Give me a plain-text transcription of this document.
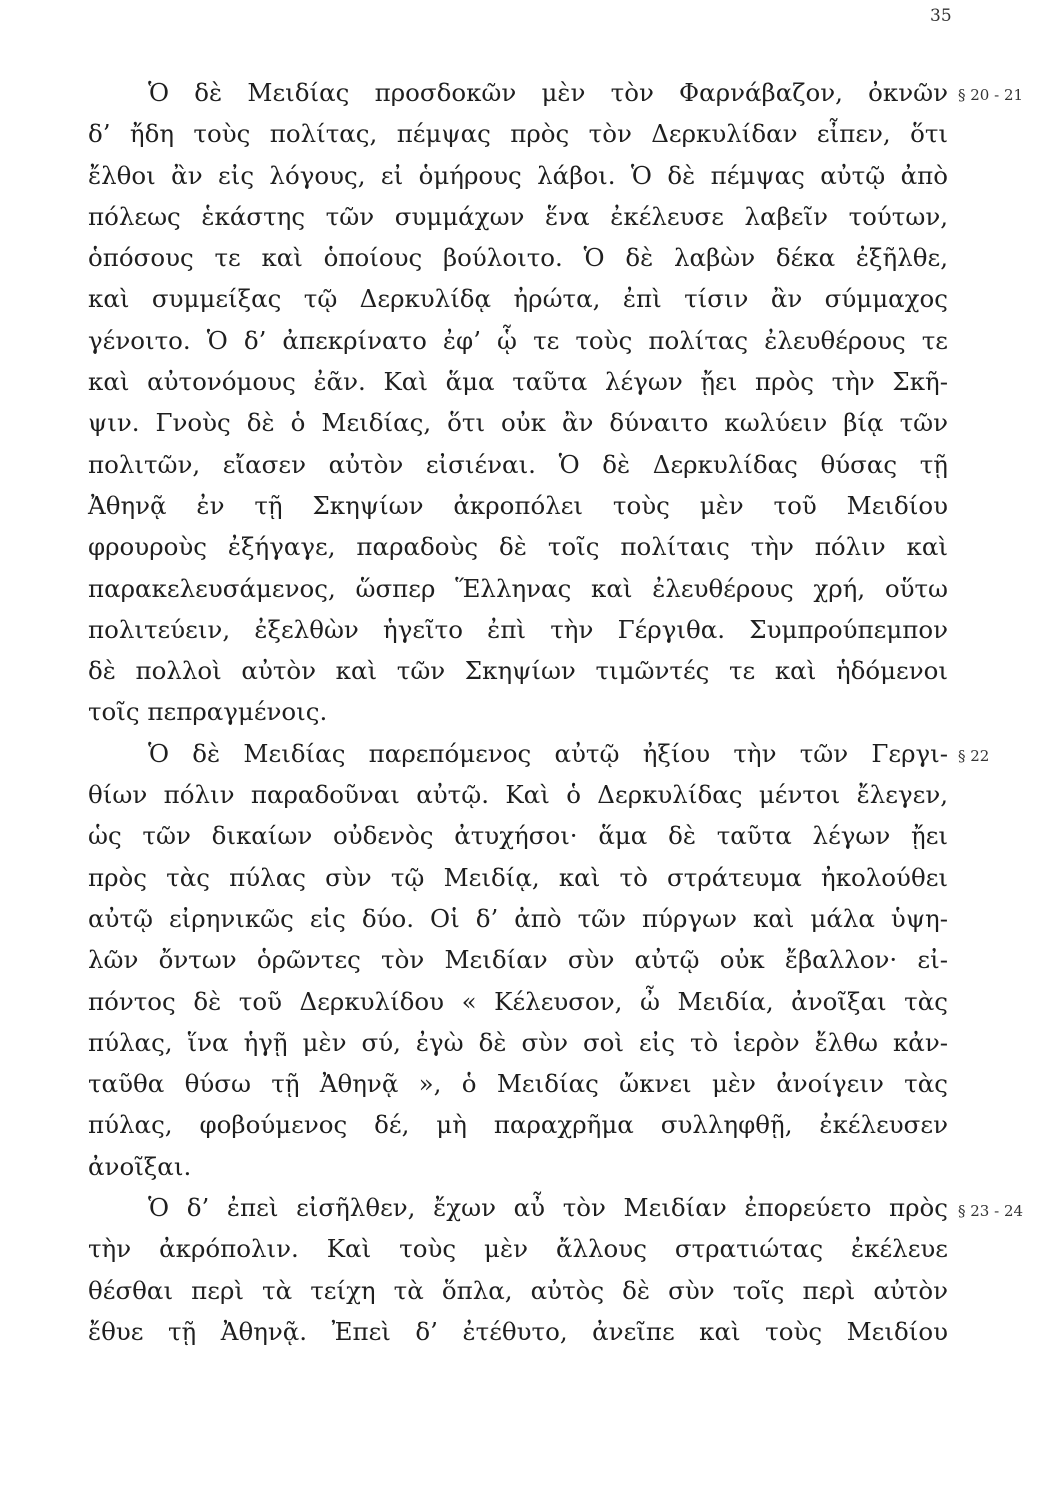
35
§ 20 - 21
§ 22
§ 23 - 24
Ὁ δὲ Μειδίας προσδοκῶν μὲν τὸν Φαρνάβαζον, ὀκνῶν
δ’ ἤδη τοὺς πολίτας, πέμψας πρὸς τὸν Δερκυλίδαν εἶπεν, ὅτι
ἔλθοι ἂν εἰς λόγους, εἰ ὁμήρους λάβοι. Ὁ δὲ πέμψας αὐτῷ ἀπὸ
πόλεως ἑκάστης τῶν συμμάχων ἕνα ἐκέλευσε λαβεῖν τούτων,
ὁπόσους τε καὶ ὁποίους βούλοιτο. Ὁ δὲ λαβὼν δέκα ἐξῆλθε,
καὶ συμμείξας τῷ Δερκυλίδᾳ ἠρώτα, ἐπὶ τίσιν ἂν σύμμαχος
γένοιτο. Ὁ δ’ ἀπεκρίνατο ἐφ’ ᾧ τε τοὺς πολίτας ἐλευθέρους τε
καὶ αὐτονόμους ἐᾶν. Καὶ ἅμα ταῦτα λέγων ᾔει πρὸς τὴν Σκῆ-
ψιν. Γνοὺς δὲ ὁ Μειδίας, ὅτι οὐκ ἂν δύναιτο κωλύειν βίᾳ τῶν
πολιτῶν, εἴασεν αὐτὸν εἰσιέναι. Ὁ δὲ Δερκυλίδας θύσας τῇ
Ἀθηνᾷ ἐν τῇ Σκηψίων ἀκροπόλει τοὺς μὲν τοῦ Μειδίου
φρουροὺς ἐξήγαγε, παραδοὺς δὲ τοῖς πολίταις τὴν πόλιν καὶ
παρακελευσάμενος, ὥσπερ Ἕλληνας καὶ ἐλευθέρους χρή, οὕτω
πολιτεύειν, ἐξελθὼν ἡγεῖτο ἐπὶ τὴν Γέργιθα. Συμπρούπεμπον
δὲ πολλοὶ αὐτὸν καὶ τῶν Σκηψίων τιμῶντές τε καὶ ἡδόμενοι
τοῖς πεπραγμένοις.
Ὁ δὲ Μειδίας παρεπόμενος αὐτῷ ἠξίου τὴν τῶν Γεργι-
θίων πόλιν παραδοῦναι αὐτῷ. Καὶ ὁ Δερκυλίδας μέντοι ἔλεγεν,
ὡς τῶν δικαίων οὐδενὸς ἀτυχήσοι· ἅμα δὲ ταῦτα λέγων ᾔει
πρὸς τὰς πύλας σὺν τῷ Μειδίᾳ, καὶ τὸ στράτευμα ἠκολούθει
αὐτῷ εἰρηνικῶς εἰς δύο. Οἱ δ’ ἀπὸ τῶν πύργων καὶ μάλα ὑψη-
λῶν ὄντων ὁρῶντες τὸν Μειδίαν σὺν αὐτῷ οὐκ ἔβαλλον· εἰ-
πόντος δὲ τοῦ Δερκυλίδου « Κέλευσον, ὦ Μειδία, ἀνοῖξαι τὰς
πύλας, ἵνα ἡγῇ μὲν σύ, ἐγὼ δὲ σὺν σοὶ εἰς τὸ ἱερὸν ἔλθω κἀν-
ταῦθα θύσω τῇ Ἀθηνᾷ », ὁ Μειδίας ὤκνει μὲν ἀνοίγειν τὰς
πύλας, φοβούμενος δέ, μὴ παραχρῆμα συλληφθῇ, ἐκέλευσεν
ἀνοῖξαι.
Ὁ δ’ ἐπεὶ εἰσῆλθεν, ἔχων αὖ τὸν Μειδίαν ἐπορεύετο πρὸς
τὴν ἀκρόπολιν. Καὶ τοὺς μὲν ἄλλους στρατιώτας ἐκέλευε
θέσθαι περὶ τὰ τείχη τὰ ὅπλα, αὐτὸς δὲ σὺν τοῖς περὶ αὐτὸν
ἔθυε τῇ Ἀθηνᾷ. Ἐπεὶ δ’ ἐτέθυτο, ἀνεῖπε καὶ τοὺς Μειδίου
